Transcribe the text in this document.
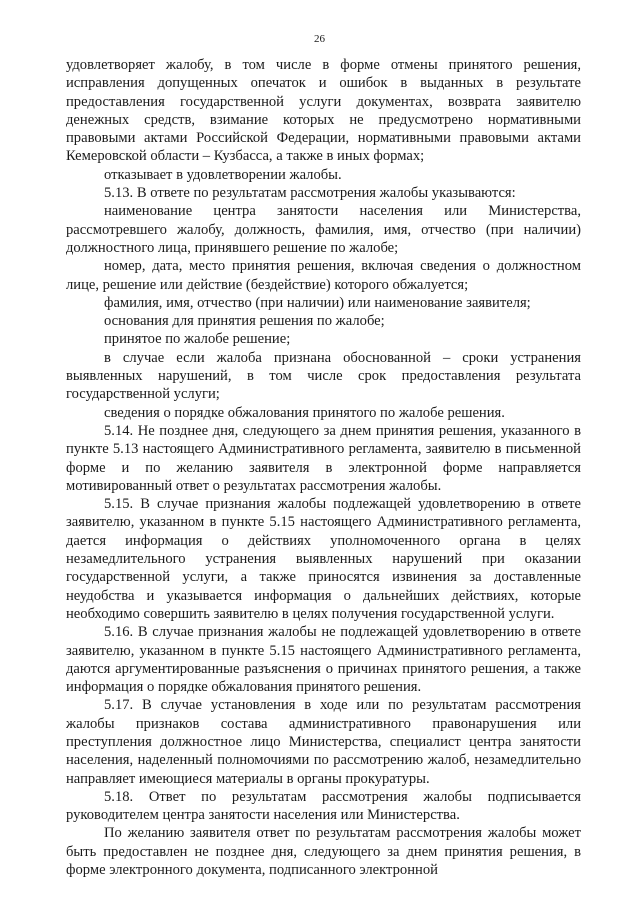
26

удовлетворяет жалобу, в том числе в форме отмены принятого решения, исправления допущенных опечаток и ошибок в выданных в результате предоставления государственной услуги документах, возврата заявителю денежных средств, взимание которых не предусмотрено нормативными правовыми актами Российской Федерации, нормативными правовыми актами Кемеровской области – Кузбасса, а также в иных формах;

отказывает в удовлетворении жалобы.

5.13. В ответе по результатам рассмотрения жалобы указываются:

наименование центра занятости населения или Министерства, рассмотревшего жалобу, должность, фамилия, имя, отчество (при наличии) должностного лица, принявшего решение по жалобе;

номер, дата, место принятия решения, включая сведения о должностном лице, решение или действие (бездействие) которого обжалуется;

фамилия, имя, отчество (при наличии) или наименование заявителя;

основания для принятия решения по жалобе;

принятое по жалобе решение;

в случае если жалоба признана обоснованной – сроки устранения выявленных нарушений, в том числе срок предоставления результата государственной услуги;

сведения о порядке обжалования принятого по жалобе решения.

5.14. Не позднее дня, следующего за днем принятия решения, указанного в пункте 5.13 настоящего Административного регламента, заявителю в письменной форме и по желанию заявителя в электронной форме направляется мотивированный ответ о результатах рассмотрения жалобы.

5.15. В случае признания жалобы подлежащей удовлетворению в ответе заявителю, указанном в пункте 5.15 настоящего Административного регламента, дается информация о действиях уполномоченного органа в целях незамедлительного устранения выявленных нарушений при оказании государственной услуги, а также приносятся извинения за доставленные неудобства и указывается информация о дальнейших действиях, которые необходимо совершить заявителю в целях получения государственной услуги.

5.16. В случае признания жалобы не подлежащей удовлетворению в ответе заявителю, указанном в пункте 5.15 настоящего Административного регламента, даются аргументированные разъяснения о причинах принятого решения, а также информация о порядке обжалования принятого решения.

5.17. В случае установления в ходе или по результатам рассмотрения жалобы признаков состава административного правонарушения или преступления должностное лицо Министерства, специалист центра занятости населения, наделенный полномочиями по рассмотрению жалоб, незамедлительно направляет имеющиеся материалы в органы прокуратуры.

5.18. Ответ по результатам рассмотрения жалобы подписывается руководителем центра занятости населения или Министерства.

По желанию заявителя ответ по результатам рассмотрения жалобы может быть предоставлен не позднее дня, следующего за днем принятия решения, в форме электронного документа, подписанного электронной
